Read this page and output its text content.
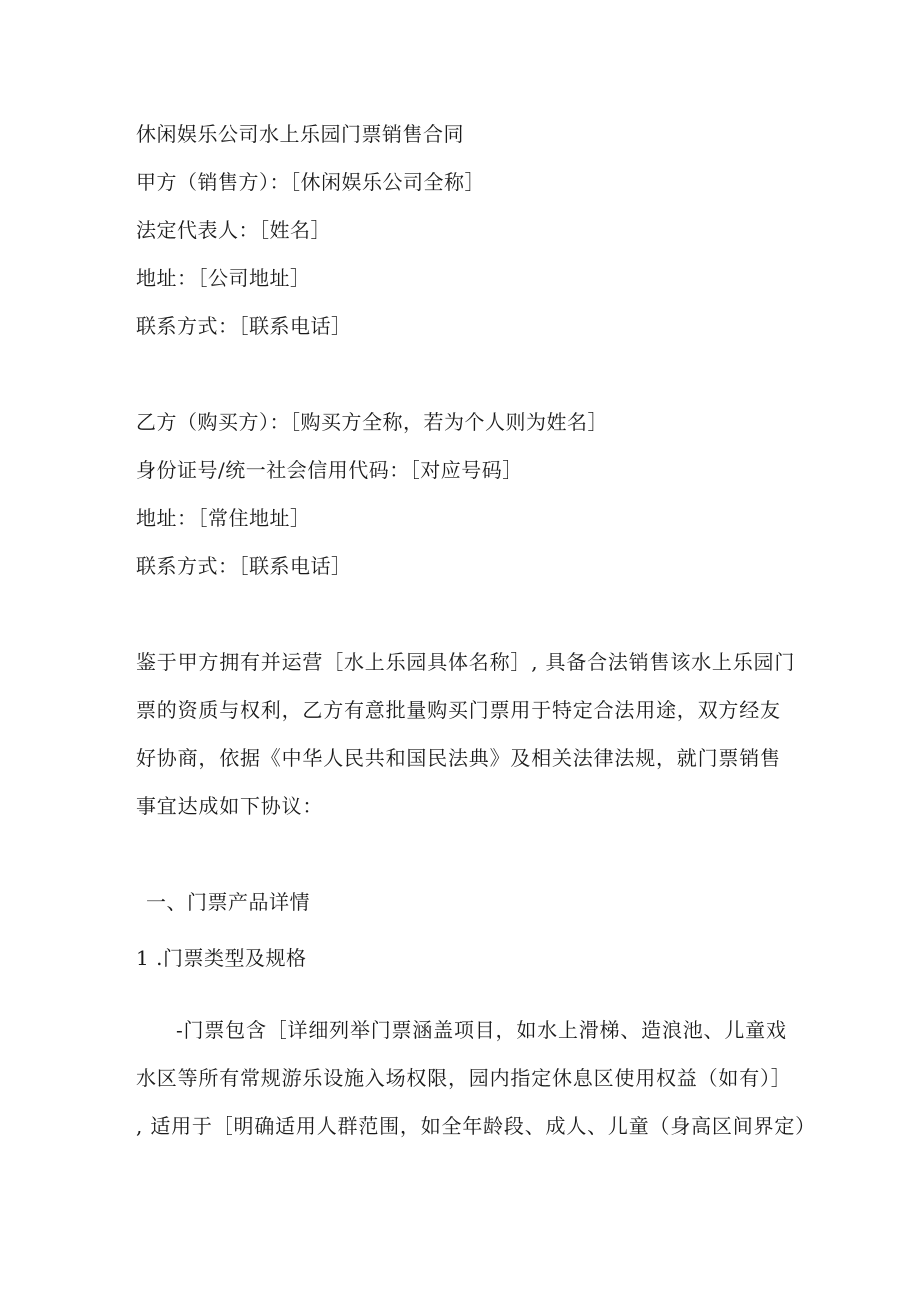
休闲娱乐公司水上乐园门票销售合同
甲方（销售方）：［休闲娱乐公司全称］
法定代表人：［姓名］
地址：［公司地址］
联系方式：［联系电话］
乙方（购买方）：［购买方全称，若为个人则为姓名］
身份证号/统一社会信用代码：［对应号码］
地址：［常住地址］
联系方式：［联系电话］
鉴于甲方拥有并运营［水上乐园具体名称］, 具备合法销售该水上乐园门
票的资质与权利，乙方有意批量购买门票用于特定合法用途，双方经友
好协商，依据《中华人民共和国民法典》及相关法律法规，就门票销售
事宜达成如下协议：
一、门票产品详情
1 .门票类型及规格
-门票包含［详细列举门票涵盖项目，如水上滑梯、造浪池、儿童戏
水区等所有常规游乐设施入场权限，园内指定休息区使用权益（如有）］
, 适用于［明确适用人群范围，如全年龄段、成人、儿童（身高区间界定）
